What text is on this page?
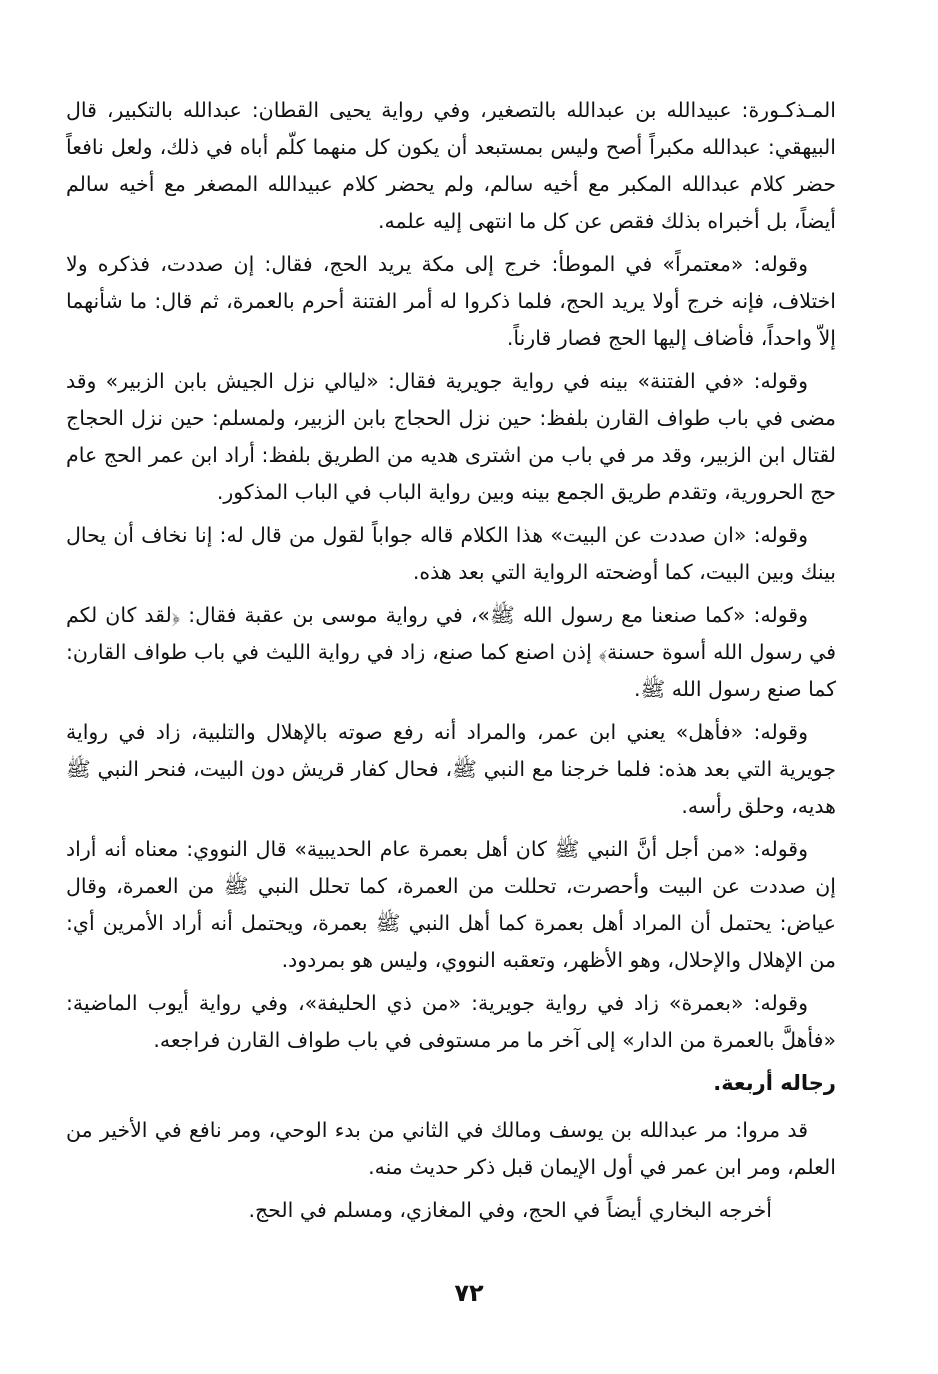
المـذكـورة: عبيدالله بن عبدالله بالتصغير، وفي رواية يحيى القطان: عبدالله بالتكبير، قال البيهقي: عبدالله مكبراً أصح وليس بمستبعد أن يكون كل منهما كلّم أباه في ذلك، ولعل نافعاً حضر كلام عبدالله المكبر مع أخيه سالم، ولم يحضر كلام عبيدالله المصغر مع أخيه سالم أيضاً، بل أخبراه بذلك فقص عن كل ما انتهى إليه علمه.

وقوله: «معتمراً» في الموطأ: خرج إلى مكة يريد الحج، فقال: إن صددت، فذكره ولا اختلاف، فإنه خرج أولا يريد الحج، فلما ذكروا له أمر الفتنة أحرم بالعمرة، ثم قال: ما شأنهما إلاّ واحداً، فأضاف إليها الحج فصار قارناً.

وقوله: «في الفتنة» بينه في رواية جويرية فقال: «ليالي نزل الجيش بابن الزبير» وقد مضى في باب طواف القارن بلفظ: حين نزل الحجاج بابن الزبير، ولمسلم: حين نزل الحجاج لقتال ابن الزبير، وقد مر في باب من اشترى هديه من الطريق بلفظ: أراد ابن عمر الحج عام حج الحرورية، وتقدم طريق الجمع بينه وبين رواية الباب في الباب المذكور.

وقوله: «ان صددت عن البيت» هذا الكلام قاله جواباً لقول من قال له: إنا نخاف أن يحال بينك وبين البيت، كما أوضحته الرواية التي بعد هذه.

وقوله: «كما صنعنا مع رسول الله ﷺ»، في رواية موسى بن عقبة فقال: ﴿لقد كان لكم في رسول الله أسوة حسنة﴾ إذن اصنع كما صنع، زاد في رواية الليث في باب طواف القارن: كما صنع رسول الله ﷺ.

وقوله: «فأهل» يعني ابن عمر، والمراد أنه رفع صوته بالإهلال والتلبية، زاد في رواية جويرية التي بعد هذه: فلما خرجنا مع النبي ﷺ، فحال كفار قريش دون البيت، فنحر النبي ﷺ هديه، وحلق رأسه.

وقوله: «من أجل أنَّ النبي ﷺ كان أهل بعمرة عام الحديبية» قال النووي: معناه أنه أراد إن صددت عن البيت وأحصرت، تحللت من العمرة، كما تحلل النبي ﷺ من العمرة، وقال عياض: يحتمل أن المراد أهل بعمرة كما أهل النبي ﷺ بعمرة، ويحتمل أنه أراد الأمرين أي: من الإهلال والإحلال، وهو الأظهر، وتعقبه النووي، وليس هو بمردود.

وقوله: «بعمرة» زاد في رواية جويرية: «من ذي الحليفة»، وفي رواية أيوب الماضية: «فأهلَّ بالعمرة من الدار» إلى آخر ما مر مستوفى في باب طواف القارن فراجعه.

رجاله أربعة.

قد مروا: مر عبدالله بن يوسف ومالك في الثاني من بدء الوحي، ومر نافع في الأخير من العلم، ومر ابن عمر في أول الإيمان قبل ذكر حديث منه.

أخرجه البخاري أيضاً في الحج، وفي المغازي، ومسلم في الحج.

٧٢
